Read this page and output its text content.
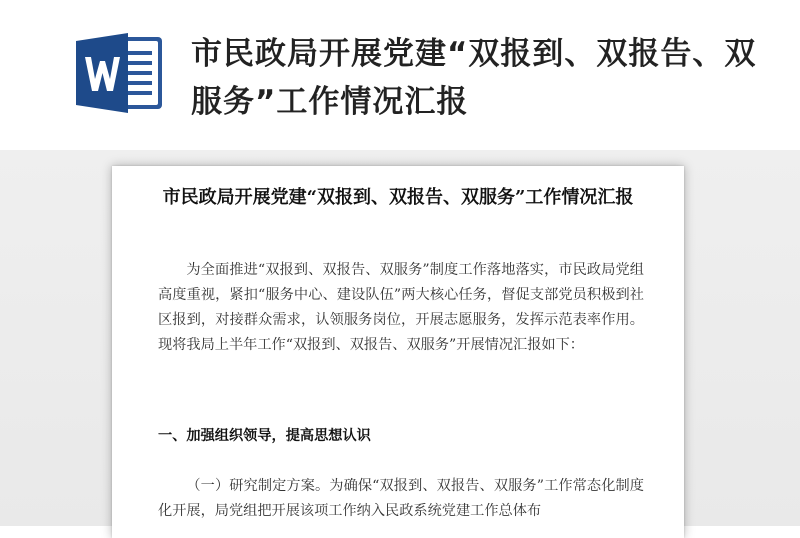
市民政局开展党建“双报到、双报告、双服务”工作情况汇报
市民政局开展党建“双报到、双报告、双服务”工作情况汇报

为全面推进“双报到、双报告、双服务”制度工作落地落实，市民政局党组高度重视，紧扣“服务中心、建设队伍”两大核心任务，督促支部党员积极到社区报到，对接群众需求，认领服务岗位，开展志愿服务，发挥示范表率作用。现将我局上半年工作“双报到、双报告、双服务”开展情况汇报如下：

一、加强组织领导，提高思想认识

（一）研究制定方案。为确保“双报到、双报告、双服务”工作常态化制度化开展，局党组把开展该项工作纳入民政系统党建工作总体布
